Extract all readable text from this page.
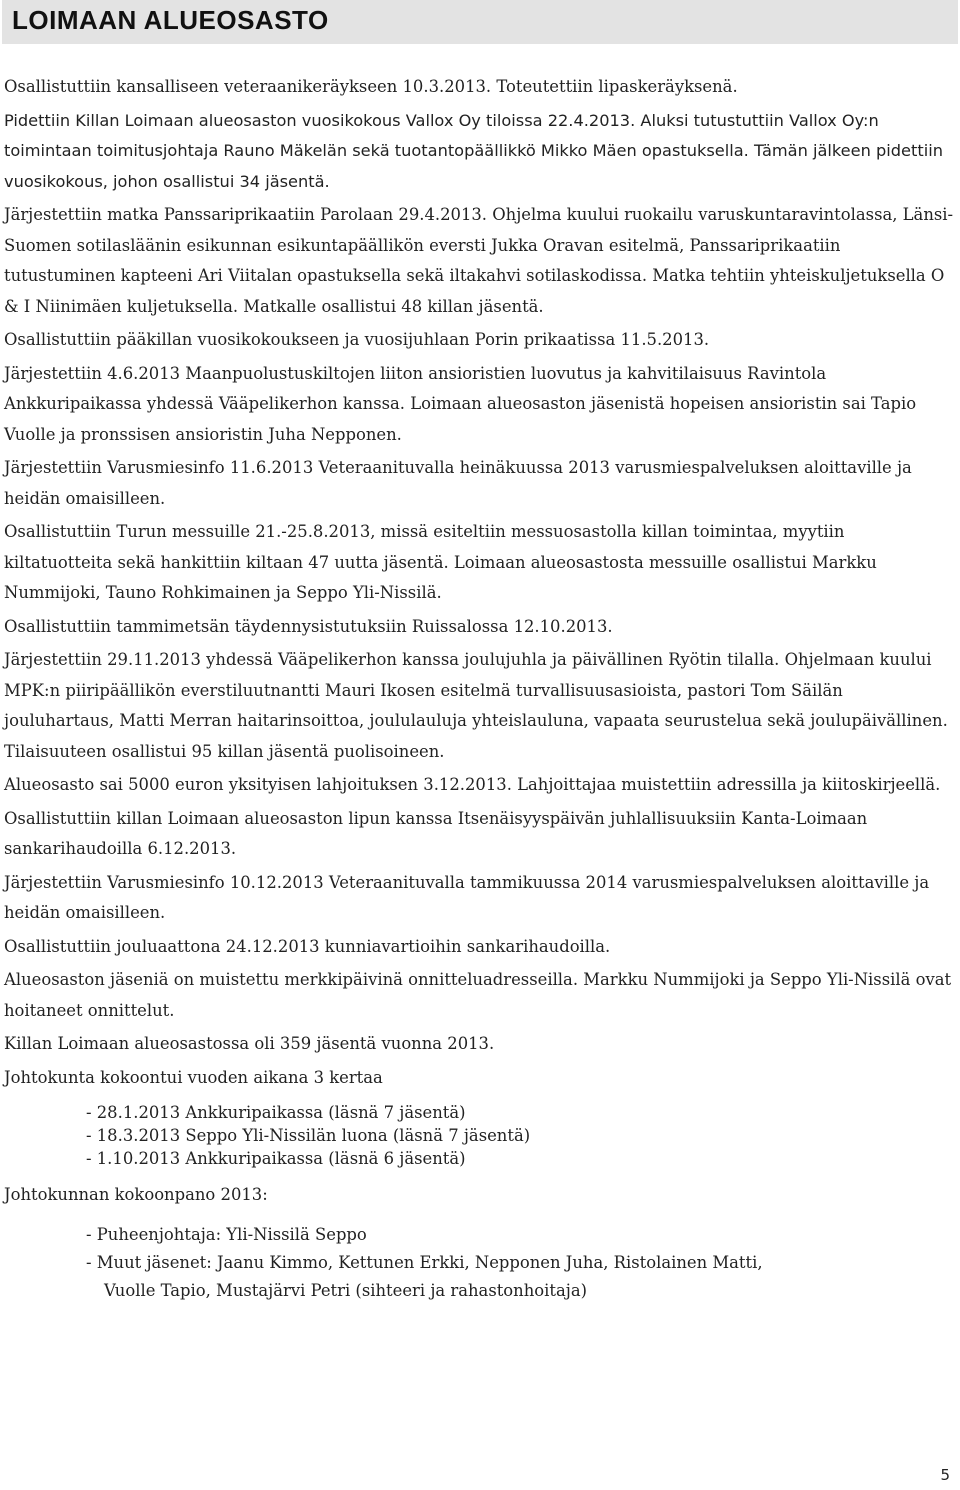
LOIMAAN ALUEOSASTO

Osallistuttiin kansalliseen veteraanikeräykseen 10.3.2013. Toteutettiin lipaskeräyksenä.

Pidettiin Killan Loimaan alueosaston vuosikokous Vallox Oy tiloissa 22.4.2013. Aluksi tutustuttiin Vallox Oy:n toimintaan toimitusjohtaja Rauno Mäkelän sekä tuotantopäällikkö Mikko Mäen opastuksella. Tämän jälkeen pidettiin vuosikokous, johon osallistui 34 jäsentä.

Järjestettiin matka Panssariprikaatiin Parolaan 29.4.2013. Ohjelma kuului ruokailu varuskuntaravintolassa, Länsi-Suomen sotilasläänin esikunnan esikuntapäällikön eversti Jukka Oravan esitelmä, Panssariprikaatiin tutustuminen kapteeni Ari Viitalan opastuksella sekä iltakahvi sotilaskodissa. Matka tehtiin yhteiskuljetuksella O & I Niinimäen kuljetuksella. Matkalle osallistui 48 killan jäsentä.

Osallistuttiin pääkillan vuosikokoukseen ja vuosijuhlaan Porin prikaatissa 11.5.2013.

Järjestettiin 4.6.2013 Maanpuolustuskiltojen liiton ansioristien luovutus ja kahvitilaisuus Ravintola Ankkuripaikassa yhdessä Vääpelikerhon kanssa. Loimaan alueosaston jäsenistä hopeisen ansioristin sai Tapio Vuolle ja pronssisen ansioristin Juha Nepponen.

Järjestettiin Varusmiesinfo 11.6.2013 Veteraanituvalla heinäkuussa 2013 varusmiespalveluksen aloittaville ja heidän omaisilleen.

Osallistuttiin Turun messuille 21.-25.8.2013, missä esiteltiin messuosastolla killan toimintaa, myytiin kiltatuotteita sekä hankittiin kiltaan 47 uutta jäsentä. Loimaan alueosastosta messuille osallistui Markku Nummijoki, Tauno Rohkimainen ja Seppo Yli-Nissilä.

Osallistuttiin tammimetsän täydennysistutuksiin Ruissalossa 12.10.2013.

Järjestettiin 29.11.2013 yhdessä Vääpelikerhon kanssa joulujuhla ja päivällinen Ryötin tilalla. Ohjelmaan kuului MPK:n piiripäällikön everstiluutnantti Mauri Ikosen esitelmä turvallisuusasioista, pastori Tom Säilän jouluhartaus, Matti Merran haitarinsoittoa, joululauluja yhteislauluna, vapaata seurustelua sekä joulupäivällinen. Tilaisuuteen osallistui 95 killan jäsentä puolisoineen.

Alueosasto sai 5000 euron yksityisen lahjoituksen 3.12.2013. Lahjoittajaa muistettiin adressilla ja kiitoskirjeellä.

Osallistuttiin killan Loimaan alueosaston lipun kanssa Itsenäisyyspäivän juhlallisuuksiin Kanta-Loimaan sankarihaudoilla 6.12.2013.

Järjestettiin Varusmiesinfo 10.12.2013 Veteraanituvalla tammikuussa 2014 varusmiespalveluksen aloittaville ja heidän omaisilleen.

Osallistuttiin jouluaattona 24.12.2013 kunniavartioihin sankarihaudoilla.

Alueosaston jäseniä on muistettu merkkipäivinä onnitteluadresseilla. Markku Nummijoki ja Seppo Yli-Nissilä ovat hoitaneet onnittelut.

Killan Loimaan alueosastossa oli 359 jäsentä vuonna 2013.

Johtokunta kokoontui vuoden aikana 3 kertaa

- 28.1.2013 Ankkuripaikassa (läsnä 7 jäsentä)
- 18.3.2013 Seppo Yli-Nissilän luona (läsnä 7 jäsentä)
- 1.10.2013 Ankkuripaikassa (läsnä 6 jäsentä)

Johtokunnan kokoonpano 2013:

- Puheenjohtaja: Yli-Nissilä Seppo
- Muut jäsenet: Jaanu Kimmo, Kettunen Erkki, Nepponen Juha, Ristolainen Matti,
Vuolle Tapio, Mustajärvi Petri (sihteeri ja rahastonhoitaja)
5
